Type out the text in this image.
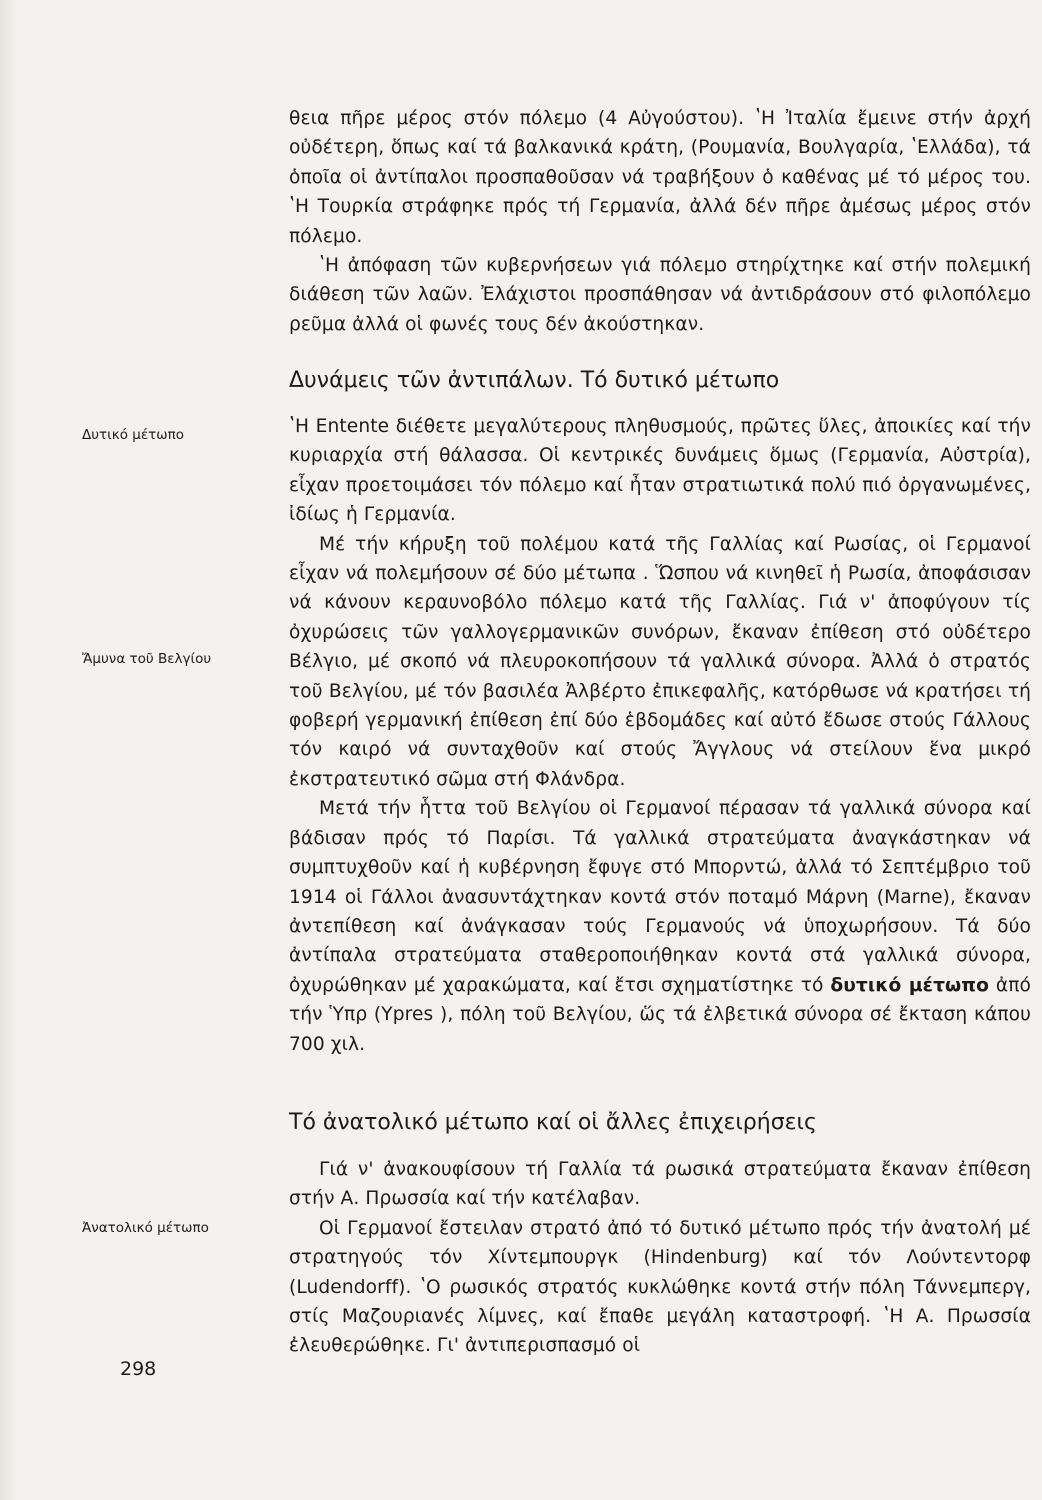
θεια πῆρε μέρος στόν πόλεμο (4 Αὐγούστου). ʽΗ Ἰταλία ἔμεινε στήν ἀρχή οὐδέτερη, ὅπως καί τά βαλκανικά κράτη, (Ρουμανία, Βουλγαρία, ʽΕλλάδα), τά ὁποῖα οἱ ἀντίπαλοι προσπαθοῦσαν νά τραβήξουν ὁ καθένας μέ τό μέρος του. ʽΗ Τουρκία στράφηκε πρός τή Γερμανία, ἀλλά δέν πῆρε ἀμέσως μέρος στόν πόλεμο.

ʽΗ ἀπόφαση τῶν κυβερνήσεων γιά πόλεμο στηρίχτηκε καί στήν πολεμική διάθεση τῶν λαῶν. Ἐλάχιστοι προσπάθησαν νά ἀντιδράσουν στό φιλοπόλεμο ρεῦμα ἀλλά οἱ φωνές τους δέν ἀκούστηκαν.

Δυνάμεις τῶν ἀντιπάλων. Τό δυτικό μέτωπο
Δυτικό μέτωπο
Ἄμυνα τοῦ Βελγίου

ʽΗ Entente διέθετε μεγαλύτερους πληθυσμούς, πρῶτες ὕλες, ἀποικίες καί τήν κυριαρχία στή θάλασσα. Οἱ κεντρικές δυνάμεις ὅμως (Γερμανία, Αὐστρία), εἶχαν προετοιμάσει τόν πόλεμο καί ἦταν στρατιωτικά πολύ πιό ὀργανωμένες, ἰδίως ἡ Γερμανία.

Μέ τήν κήρυξη τοῦ πολέμου κατά τῆς Γαλλίας καί Ρωσίας, οἱ Γερμανοί εἶχαν νά πολεμήσουν σέ δύο μέτωπα . Ὥσπου νά κινηθεῖ ἡ Ρωσία, ἀποφάσισαν νά κάνουν κεραυνοβόλο πόλεμο κατά τῆς Γαλλίας. Γιά ν' ἀποφύγουν τίς ὀχυρώσεις τῶν γαλλογερμανικῶν συνόρων, ἔκαναν ἐπίθεση στό οὐδέτερο Βέλγιο, μέ σκοπό νά πλευροκοπήσουν τά γαλλικά σύνορα. Ἀλλά ὁ στρατός τοῦ Βελγίου, μέ τόν βασιλέα Ἀλβέρτο ἐπικεφαλῆς, κατόρθωσε νά κρατήσει τή φοβερή γερμανική ἐπίθεση ἐπί δύο ἑβδομάδες καί αὐτό ἔδωσε στούς Γάλλους τόν καιρό νά συνταχθοῦν καί στούς Ἄγγλους νά στείλουν ἕνα μικρό ἐκστρατευτικό σῶμα στή Φλάνδρα.

Μετά τήν ἧττα τοῦ Βελγίου οἱ Γερμανοί πέρασαν τά γαλλικά σύνορα καί βάδισαν πρός τό Παρίσι. Τά γαλλικά στρατεύματα ἀναγκάστηκαν νά συμπτυχθοῦν καί ἡ κυβέρνηση ἔφυγε στό Μπορντώ, ἀλλά τό Σεπτέμβριο τοῦ 1914 οἱ Γάλλοι ἀνασυντάχτηκαν κοντά στόν ποταμό Μάρνη (Marne), ἔκαναν ἀντεπίθεση καί ἀνάγκασαν τούς Γερμανούς νά ὑποχωρήσουν. Τά δύο ἀντίπαλα στρατεύματα σταθεροποιήθηκαν κοντά στά γαλλικά σύνορα, ὀχυρώθηκαν μέ χαρακώματα, καί ἔτσι σχηματίστηκε τό δυτικό μέτωπο ἀπό τήν Ὑπρ (Ypres ), πόλη τοῦ Βελγίου, ὥς τά ἐλβετικά σύνορα σέ ἔκταση κάπου 700 χιλ.

Τό ἀνατολικό μέτωπο καί οἱ ἄλλες ἐπιχειρήσεις
Ἀνατολικό μέτωπο

Γιά ν' ἀνακουφίσουν τή Γαλλία τά ρωσικά στρατεύματα ἔκαναν ἐπίθεση στήν Α. Πρωσσία καί τήν κατέλαβαν.

Οἱ Γερμανοί ἔστειλαν στρατό ἀπό τό δυτικό μέτωπο πρός τήν ἀνατολή μέ στρατηγούς τόν Χίντεμπουργκ (Hindenburg) καί τόν Λούντεντορφ (Ludendorff). ʽΟ ρωσικός στρατός κυκλώθηκε κοντά στήν πόλη Τάννεμπεργ, στίς Μαζουριανές λίμνες, καί ἔπαθε μεγάλη καταστροφή. ʽΗ Α. Πρωσσία ἐλευθερώθηκε. Γι' ἀντιπερισπασμό οἱ

298
